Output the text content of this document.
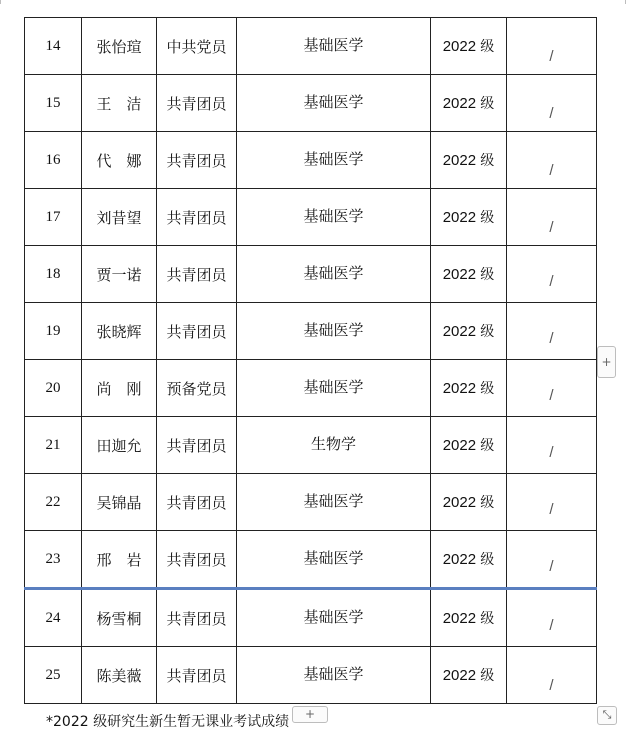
14	张怡瑄	中共党员	基础医学	2022 级	/
15	王　洁	共青团员	基础医学	2022 级	/
16	代　娜	共青团员	基础医学	2022 级	/
17	刘昔望	共青团员	基础医学	2022 级	/
18	贾一诺	共青团员	基础医学	2022 级	/
19	张晓辉	共青团员	基础医学	2022 级	/
20	尚　刚	预备党员	基础医学	2022 级	/
21	田迦允	共青团员	生物学	2022 级	/
22	吴锦晶	共青团员	基础医学	2022 级	/
23	邢　岩	共青团员	基础医学	2022 级	/
24	杨雪桐	共青团员	基础医学	2022 级	/
25	陈美薇	共青团员	基础医学	2022 级	/
+
*2022 级研究生新生暂无课业考试成绩	+	⤡
